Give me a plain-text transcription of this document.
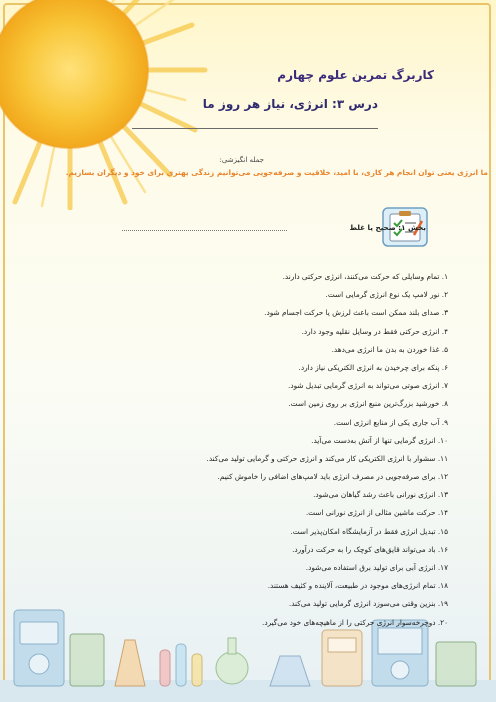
کاربرگ تمرین علوم چهارم
درس ۳: انرژی، نیاز هر روز ما
جمله انگیزشی:
ما انرژی یعنی توان انجام هر کاری، با امید، خلاقیت و صرفه‌جویی می‌توانیم زندگی بهتری برای خود و دیگران بسازیم.
بخش ۱: صحیح یا غلط
۱. تمام وسایلی که حرکت می‌کنند، انرژی حرکتی دارند.
۲. نور لامپ یک نوع انرژی گرمایی است.
۳. صدای بلند ممکن است باعث لرزش یا حرکت اجسام شود.
۴. انرژی حرکتی فقط در وسایل نقلیه وجود دارد.
۵. غذا خوردن به بدن ما انرژی می‌دهد.
۶. پنکه برای چرخیدن به انرژی الکتریکی نیاز دارد.
۷. انرژی صوتی می‌تواند به انرژی گرمایی تبدیل شود.
۸. خورشید بزرگ‌ترین منبع انرژی بر روی زمین است.
۹. آب جاری یکی از منابع انرژی است.
۱۰. انرژی گرمایی تنها از آتش به‌دست می‌آید.
۱۱. سشوار با انرژی الکتریکی کار می‌کند و انرژی حرکتی و گرمایی تولید می‌کند.
۱۲. برای صرفه‌جویی در مصرف انرژی باید لامپ‌های اضافی را خاموش کنیم.
۱۳. انرژی نورانی باعث رشد گیاهان می‌شود.
۱۴. حرکت ماشین مثالی از انرژی نورانی است.
۱۵. تبدیل انرژی فقط در آزمایشگاه امکان‌پذیر است.
۱۶. باد می‌تواند قایق‌های کوچک را به حرکت درآورد.
۱۷. انرژی آبی برای تولید برق استفاده می‌شود.
۱۸. تمام انرژی‌های موجود در طبیعت، آلاینده و کثیف هستند.
۱۹. بنزین وقتی می‌سوزد انرژی گرمایی تولید می‌کند.
۲۰. دوچرخه‌سوار انرژی حرکتی را از ماهیچه‌های خود می‌گیرد.
